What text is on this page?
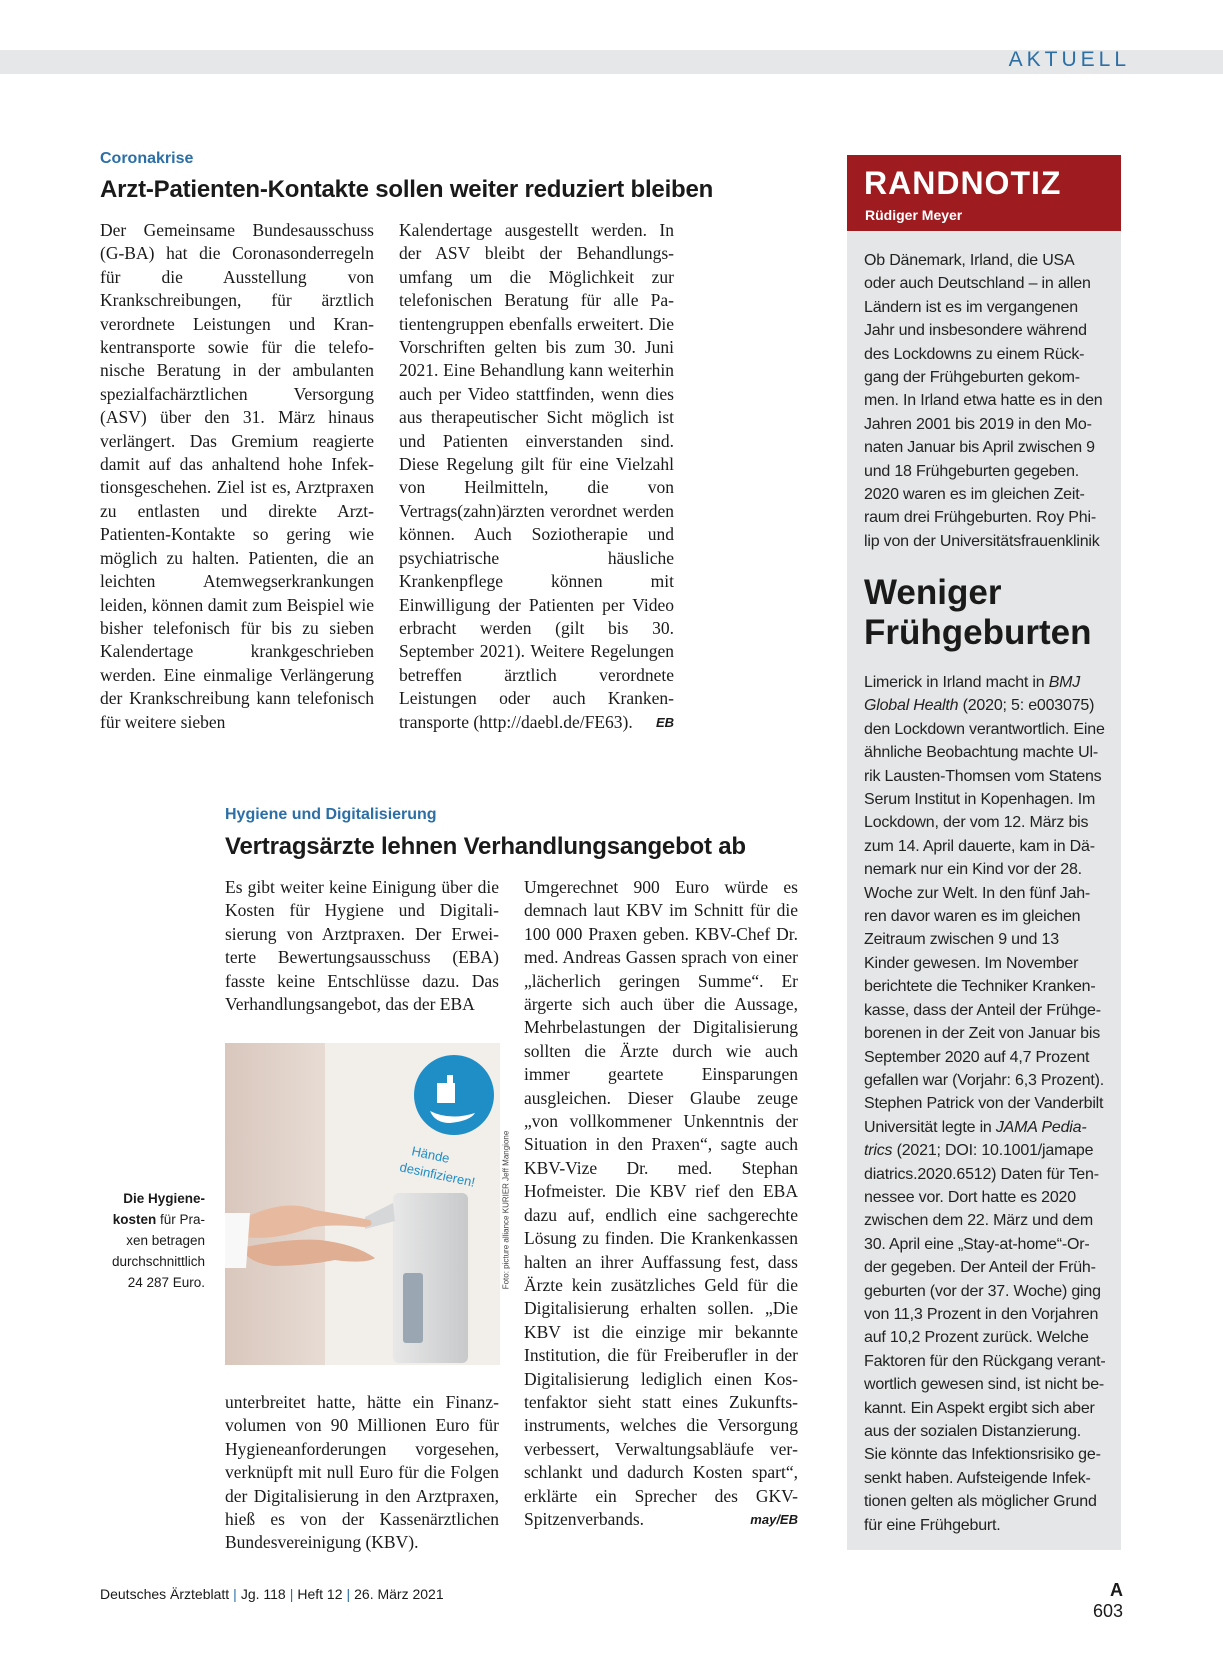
AKTUELL
Coronakrise
Arzt-Patienten-Kontakte sollen weiter reduziert bleiben
Der Gemeinsame Bundesausschuss (G-BA) hat die Coronasonderregeln für die Ausstellung von Krankschreibungen, für ärztlich verordnete Leistungen und Krankentransporte sowie für die telefonische Beratung in der ambulanten spezialfachärztlichen Versorgung (ASV) über den 31. März hinaus verlängert. Das Gremium reagierte damit auf das anhaltend hohe Infektionsgeschehen. Ziel ist es, Arztpraxen zu entlasten und direkte Arzt-Patienten-Kontakte so gering wie möglich zu halten. Patienten, die an leichten Atemwegserkrankungen leiden, können damit zum Beispiel wie bisher telefonisch für bis zu sieben Kalendertage krankgeschrieben werden. Eine einmalige Verlängerung der Krankschreibung kann telefonisch für weitere sieben
Kalendertage ausgestellt werden. In der ASV bleibt der Behandlungsumfang um die Möglichkeit zur telefonischen Beratung für alle Patientengruppen ebenfalls erweitert. Die Vorschriften gelten bis zum 30. Juni 2021. Eine Behandlung kann weiterhin auch per Video stattfinden, wenn dies aus therapeutischer Sicht möglich ist und Patienten einverstanden sind. Diese Regelung gilt für eine Vielzahl von Heilmitteln, die von Vertrags(zahn)ärzten verordnet werden können. Auch Soziotherapie und psychiatrische häusliche Krankenpflege können mit Einwilligung der Patienten per Video erbracht werden (gilt bis 30. September 2021). Weitere Regelungen betreffen ärztlich verordnete Leistungen oder auch Krankentransporte (http://daebl.de/FE63). EB
Hygiene und Digitalisierung
Vertragsärzte lehnen Verhandlungsangebot ab
Es gibt weiter keine Einigung über die Kosten für Hygiene und Digitalisierung von Arztpraxen. Der Erweiterte Bewertungsausschuss (EBA) fasste keine Entschlüsse dazu. Das Verhandlungsangebot, das der EBA
Hände
desinfizieren!	Foto: picture alliance KURIER Jeff Mangione
Die Hygienekosten für Praxen betragen durchschnittlich 24 287 Euro.
unterbreitet hatte, hätte ein Finanzvolumen von 90 Millionen Euro für Hygieneanforderungen vorgesehen, verknüpft mit null Euro für die Folgen der Digitalisierung in den Arztpraxen, hieß es von der Kassenärztlichen Bundesvereinigung (KBV).
Umgerechnet 900 Euro würde es demnach laut KBV im Schnitt für die 100 000 Praxen geben. KBV-Chef Dr. med. Andreas Gassen sprach von einer „lächerlich geringen Summe“. Er ärgerte sich auch über die Aussage, Mehrbelastungen der Digitalisierung sollten die Ärzte durch wie auch immer geartete Einsparungen ausgleichen. Dieser Glaube zeuge „von vollkommener Unkenntnis der Situation in den Praxen“, sagte auch KBV-Vize Dr. med. Stephan Hofmeister. Die KBV rief den EBA dazu auf, endlich eine sachgerechte Lösung zu finden. Die Krankenkassen halten an ihrer Auffassung fest, dass Ärzte kein zusätzliches Geld für die Digitalisierung erhalten sollen. „Die KBV ist die einzige mir bekannte Institution, die für Freiberufler in der Digitalisierung lediglich einen Kostenfaktor sieht statt eines Zukunftsinstruments, welches die Versorgung verbessert, Verwaltungsabläufe verschlankt und dadurch Kosten spart“, erklärte ein Sprecher des GKV-Spitzenverbands.	may/EB
RANDNOTIZ
Rüdiger Meyer
Ob Dänemark, Irland, die USA oder auch Deutschland – in allen Ländern ist es im vergangenen Jahr und insbesondere während des Lockdowns zu einem Rückgang der Frühgeburten gekommen. In Irland etwa hatte es in den Jahren 2001 bis 2019 in den Monaten Januar bis April zwischen 9 und 18 Frühgeburten gegeben. 2020 waren es im gleichen Zeitraum drei Frühgeburten. Roy Philip von der Universitätsfrauenklinik
Weniger Frühgeburten
Limerick in Irland macht in BMJ Global Health (2020; 5: e003075) den Lockdown verantwortlich. Eine ähnliche Beobachtung machte Ulrik Lausten-Thomsen vom Statens Serum Institut in Kopenhagen. Im Lockdown, der vom 12. März bis zum 14. April dauerte, kam in Dänemark nur ein Kind vor der 28. Woche zur Welt. In den fünf Jahren davor waren es im gleichen Zeitraum zwischen 9 und 13 Kinder gewesen. Im November berichtete die Techniker Krankenkasse, dass der Anteil der Frühgeborenen in der Zeit von Januar bis September 2020 auf 4,7 Prozent gefallen war (Vorjahr: 6,3 Prozent). Stephen Patrick von der Vanderbilt Universität legte in JAMA Pediatrics (2021; DOI: 10.1001/jamape diatrics.2020.6512) Daten für Tennessee vor. Dort hatte es 2020 zwischen dem 22. März und dem 30. April eine „Stay-at-home“-Order gegeben. Der Anteil der Frühgeburten (vor der 37. Woche) ging von 11,3 Prozent in den Vorjahren auf 10,2 Prozent zurück. Welche Faktoren für den Rückgang verantwortlich gewesen sind, ist nicht bekannt. Ein Aspekt ergibt sich aber aus der sozialen Distanzierung. Sie könnte das Infektionsrisiko gesenkt haben. Aufsteigende Infektionen gelten als möglicher Grund für eine Frühgeburt.
Deutsches Ärzteblatt | Jg. 118 | Heft 12 | 26. März 2021	A 603
